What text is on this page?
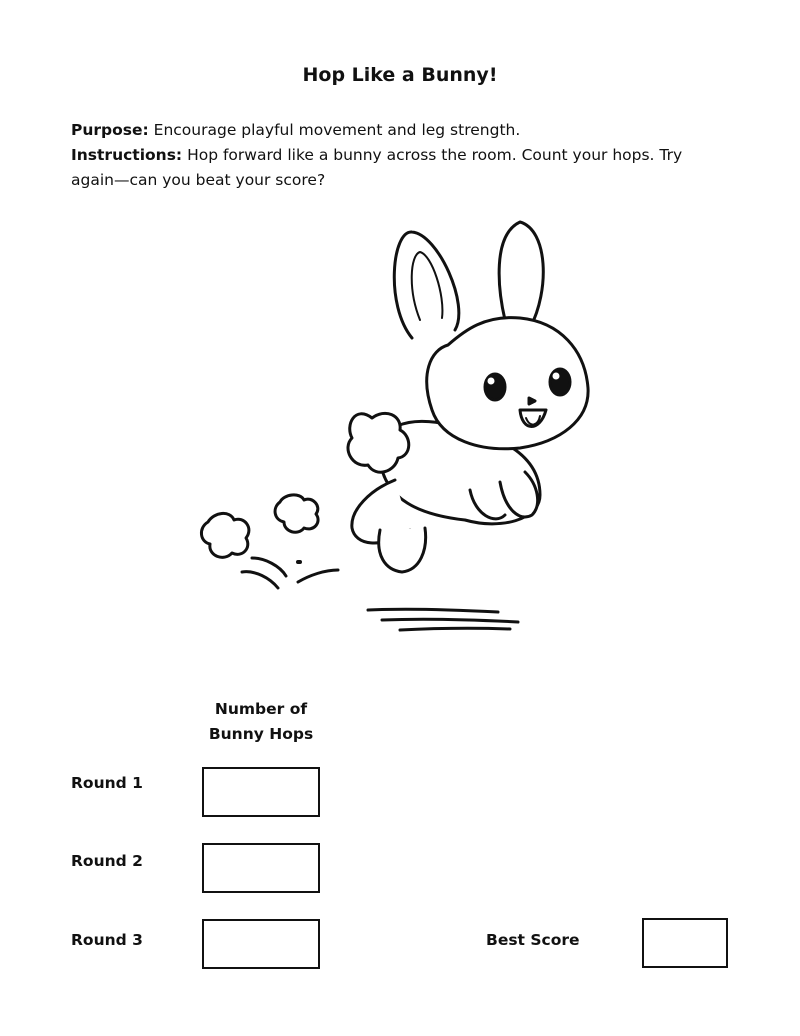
Hop Like a Bunny!
Purpose: Encourage playful movement and leg strength.
Instructions: Hop forward like a bunny across the room. Count your hops. Try again—can you beat your score?
Number of
Bunny Hops
Round 1
Round 2
Round 3	Best Score
